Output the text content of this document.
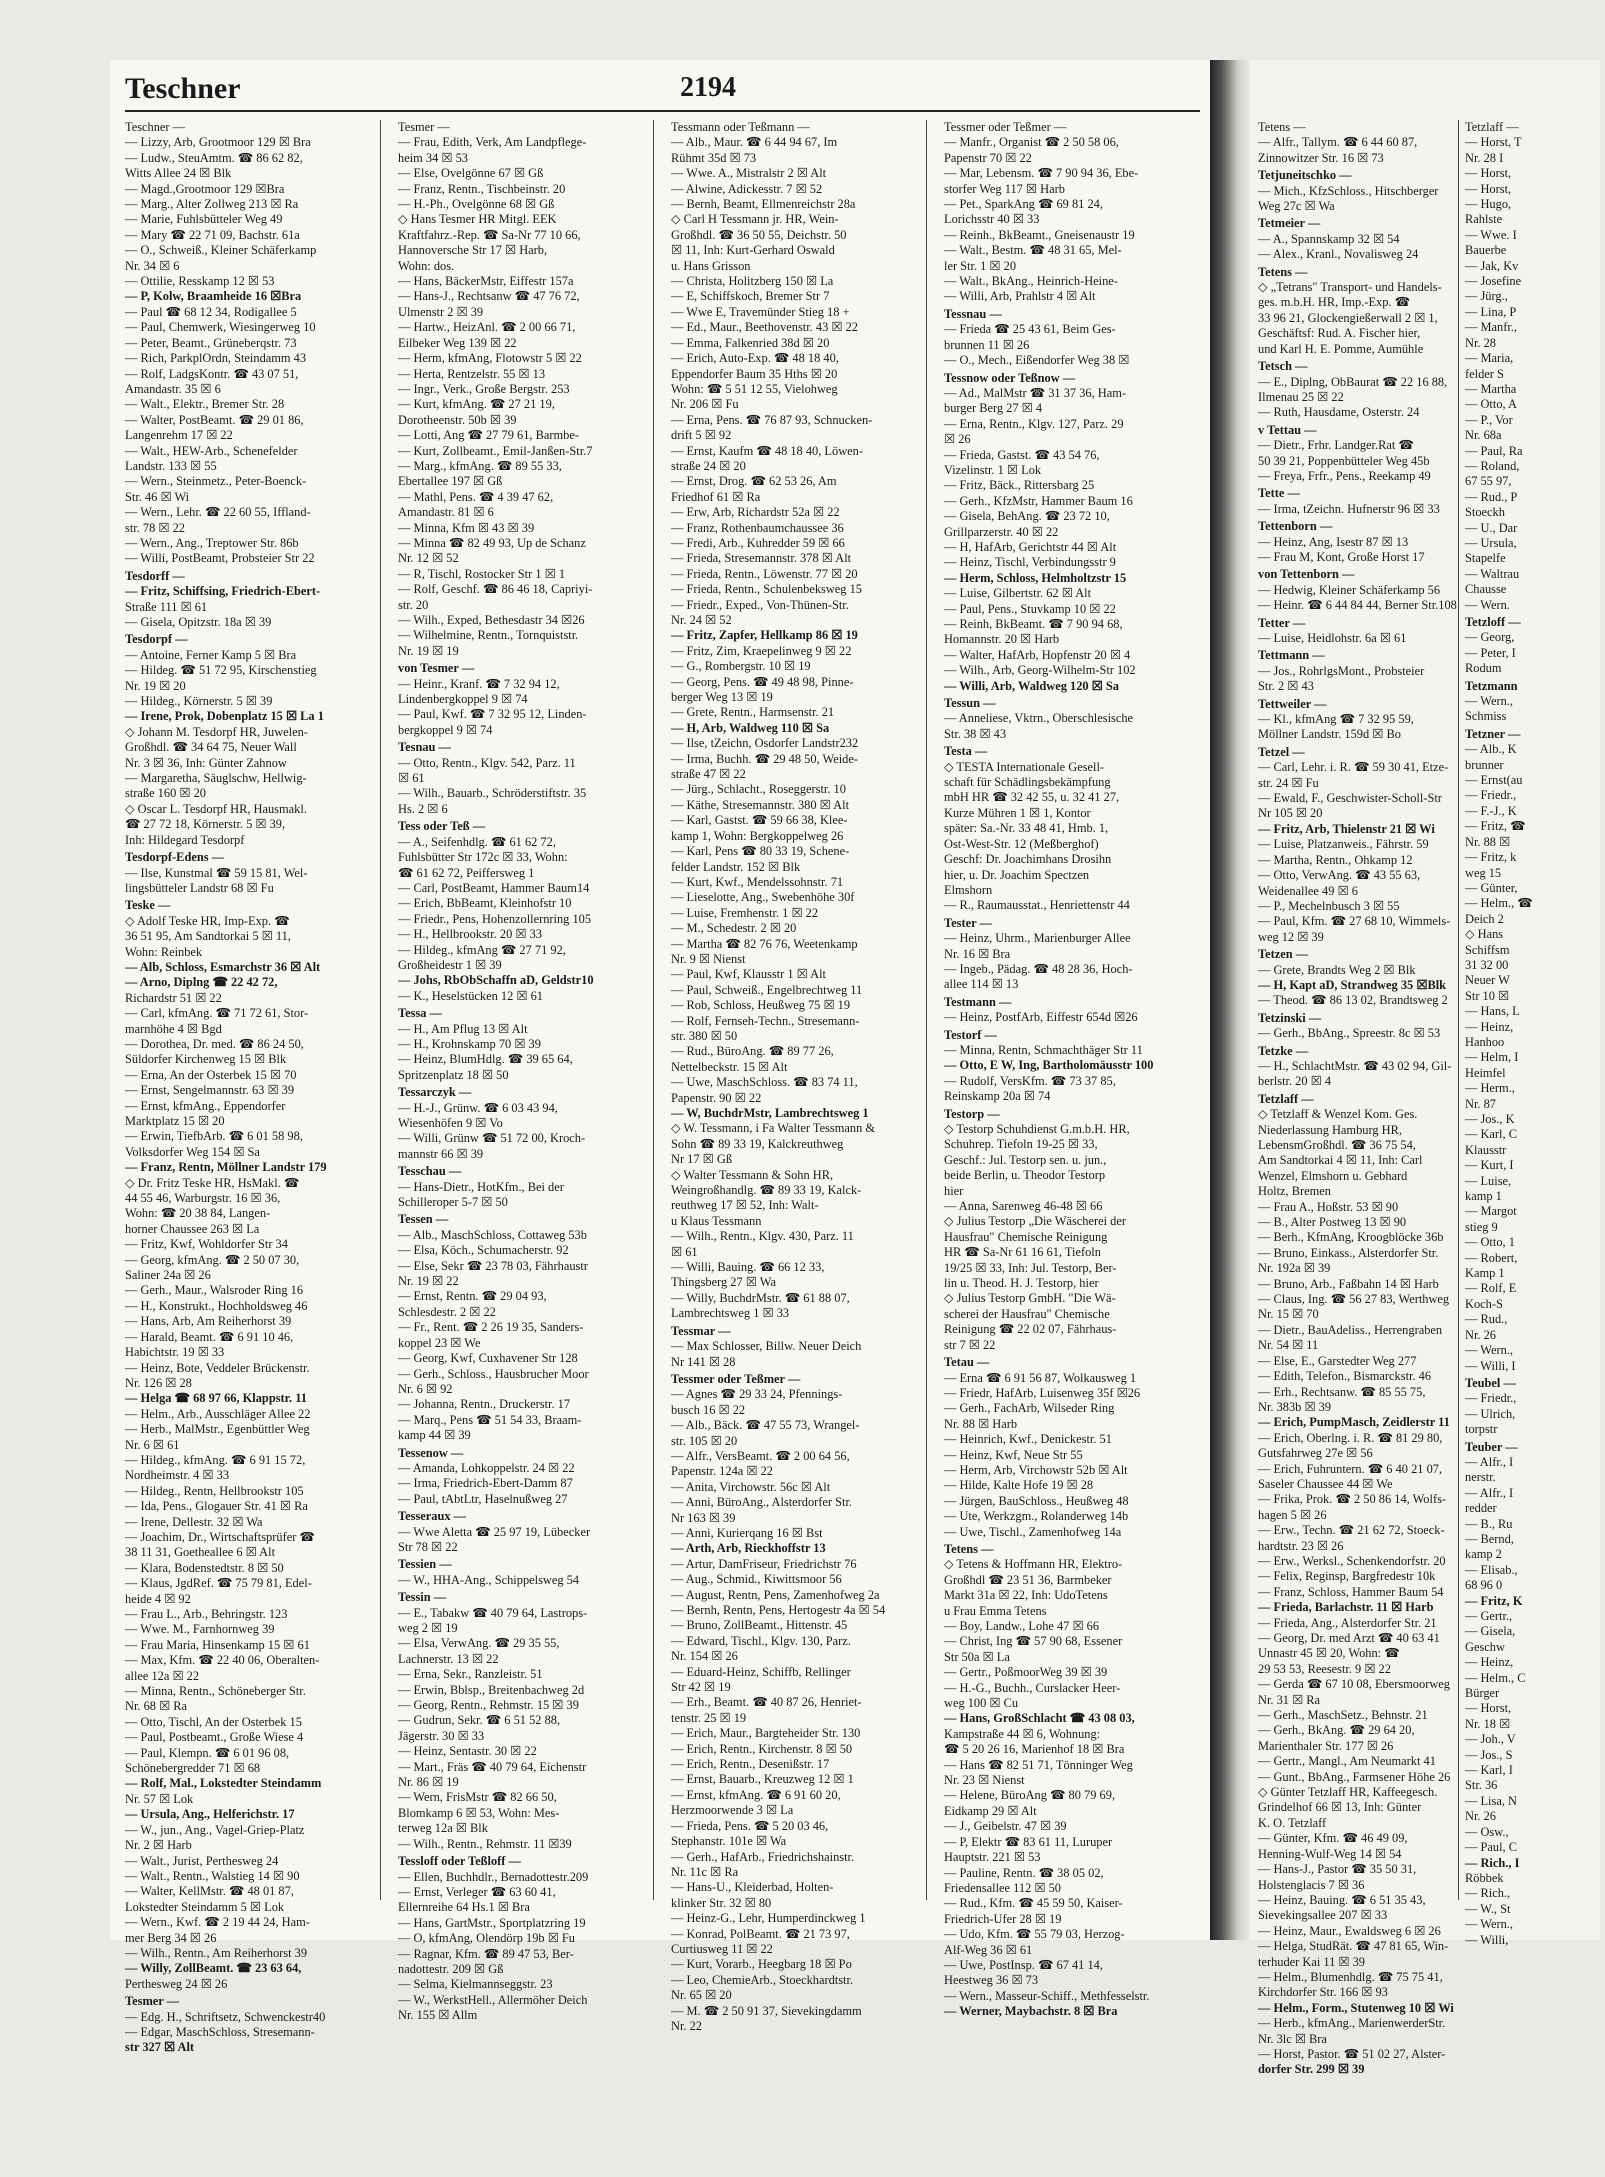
Teschner	2194
Teschner —
— Lizzy, Arb, Grootmoor 129 ☒ Bra
— Ludw., SteuAmtm. ☎ 86 62 82,
Witts Allee 24 ☒ Blk
— Magd.,Grootmoor 129 ☒Bra
— Marg., Alter Zollweg 213 ☒ Ra
— Marie, Fuhlsbütteler Weg 49
— Mary ☎ 22 71 09, Bachstr. 61a
— O., Schweiß., Kleiner Schäferkamp
Nr. 34 ☒ 6
— Ottilie, Resskamp 12 ☒ 53
— P, Kolw, Braamheide 16 ☒Bra
— Paul ☎ 68 12 34, Rodigallee 5
— Paul, Chemwerk, Wiesingerweg 10
— Peter, Beamt., Grüneberqstr. 73
— Rich, ParkplOrdn, Steindamm 43
— Rolf, LadgsKontr. ☎ 43 07 51,
Amandastr. 35 ☒ 6
— Walt., Elektr., Bremer Str. 28
— Walter, PostBeamt. ☎ 29 01 86,
Langenrehm 17 ☒ 22
— Walt., HEW-Arb., Schenefelder
Landstr. 133 ☒ 55
— Wern., Steinmetz., Peter-Boenck-
Str. 46 ☒ Wi
— Wern., Lehr. ☎ 22 60 55, Iffland-
str. 78 ☒ 22
— Wern., Ang., Treptower Str. 86b
— Willi, PostBeamt, Probsteier Str 22
Tesdorff —
— Fritz, Schiffsing, Friedrich-Ebert-
Straße 111 ☒ 61
— Gisela, Opitzstr. 18a ☒ 39
Tesdorpf —
— Antoine, Ferner Kamp 5 ☒ Bra
— Hildeg. ☎ 51 72 95, Kirschenstieg
Nr. 19 ☒ 20
— Hildeg., Körnerstr. 5 ☒ 39
— Irene, Prok, Dobenplatz 15 ☒ La 1
◇ Johann M. Tesdorpf HR, Juwelen-
Großhdl. ☎ 34 64 75, Neuer Wall
Nr. 3 ☒ 36, Inh: Günter Zahnow
— Margaretha, Säuglschw, Hellwig-
straße 160 ☒ 20
◇ Oscar L. Tesdorpf HR, Hausmakl.
☎ 27 72 18, Körnerstr. 5 ☒ 39,
Inh: Hildegard Tesdorpf
Tesdorpf-Edens —
— Ilse, Kunstmal ☎ 59 15 81, Wel-
lingsbütteler Landstr 68 ☒ Fu
Teske —
◇ Adolf Teske HR, Imp-Exp. ☎
36 51 95, Am Sandtorkai 5 ☒ 11,
Wohn: Reinbek
— Alb, Schloss, Esmarchstr 36 ☒ Alt
— Arno, Diplng ☎ 22 42 72,
Richardstr 51 ☒ 22
— Carl, kfmAng. ☎ 71 72 61, Stor-
marnhöhe 4 ☒ Bgd
— Dorothea, Dr. med. ☎ 86 24 50,
Süldorfer Kirchenweg 15 ☒ Blk
— Erna, An der Osterbek 15 ☒ 70
— Ernst, Sengelmannstr. 63 ☒ 39
— Ernst, kfmAng., Eppendorfer
Marktplatz 15 ☒ 20
— Erwin, TiefbArb. ☎ 6 01 58 98,
Volksdorfer Weg 154 ☒ Sa
— Franz, Rentn, Möllner Landstr 179
◇ Dr. Fritz Teske HR, HsMakl. ☎
44 55 46, Warburgstr. 16 ☒ 36,
Wohn: ☎ 20 38 84, Langen-
horner Chaussee 263 ☒ La
— Fritz, Kwf, Wohldorfer Str 34
— Georg, kfmAng. ☎ 2 50 07 30,
Saliner 24a ☒ 26
— Gerh., Maur., Walsroder Ring 16
— H., Konstrukt., Hochholdsweg 46
— Hans, Arb, Am Reiherhorst 39
— Harald, Beamt. ☎ 6 91 10 46,
Habichtstr. 19 ☒ 33
— Heinz, Bote, Veddeler Brückenstr.
Nr. 126 ☒ 28
— Helga ☎ 68 97 66, Klappstr. 11
— Helm., Arb., Ausschläger Allee 22
— Herb., MalMstr., Egenbüttler Weg
Nr. 6 ☒ 61
— Hildeg., kfmAng. ☎ 6 91 15 72,
Nordheimstr. 4 ☒ 33
— Hildeg., Rentn, Hellbrookstr 105
— Ida, Pens., Glogauer Str. 41 ☒ Ra
— Irene, Dellestr. 32 ☒ Wa
— Joachim, Dr., Wirtschaftsprüfer ☎
38 11 31, Goetheallee 6 ☒ Alt
— Klara, Bodenstedtstr. 8 ☒ 50
— Klaus, JgdRef. ☎ 75 79 81, Edel-
heide 4 ☒ 92
— Frau L., Arb., Behringstr. 123
— Wwe. M., Farnhornweg 39
— Frau Maria, Hinsenkamp 15 ☒ 61
— Max, Kfm. ☎ 22 40 06, Oberalten-
allee 12a ☒ 22
— Minna, Rentn., Schöneberger Str.
Nr. 68 ☒ Ra
— Otto, Tischl, An der Osterbek 15
— Paul, Postbeamt., Große Wiese 4
— Paul, Klempn. ☎ 6 01 96 08,
Schönebergredder 71 ☒ 68
— Rolf, Mal., Lokstedter Steindamm
Nr. 57 ☒ Lok
— Ursula, Ang., Helferichstr. 17
— W., jun., Ang., Vagel-Griep-Platz
Nr. 2 ☒ Harb
— Walt., Jurist, Perthesweg 24
— Walt., Rentn., Walstieg 14 ☒ 90
— Walter, KellMstr. ☎ 48 01 87,
Lokstedter Steindamm 5 ☒ Lok
— Wern., Kwf. ☎ 2 19 44 24, Ham-
mer Berg 34 ☒ 26
— Wilh., Rentn., Am Reiherhorst 39
— Willy, ZollBeamt. ☎ 23 63 64,
Perthesweg 24 ☒ 26
Tesmer —
— Edg. H., Schriftsetz, Schwenckestr40
— Edgar, MaschSchloss, Stresemann-
str 327 ☒ Alt
Tesmer —
— Frau, Edith, Verk, Am Landpflege-
heim 34 ☒ 53
— Else, Ovelgönne 67 ☒ Gß
— Franz, Rentn., Tischbeinstr. 20
— H.-Ph., Ovelgönne 68 ☒ Gß
◇ Hans Tesmer HR Mitgl. EEK
Kraftfahrz.-Rep. ☎ Sa-Nr 77 10 66,
Hannoversche Str 17 ☒ Harb,
Wohn: dos.
— Hans, BäckerMstr, Eiffestr 157a
— Hans-J., Rechtsanw ☎ 47 76 72,
Ulmenstr 2 ☒ 39
— Hartw., HeizAnl. ☎ 2 00 66 71,
Eilbeker Weg 139 ☒ 22
— Herm, kfmAng, Flotowstr 5 ☒ 22
— Herta, Rentzelstr. 55 ☒ 13
— Ingr., Verk., Große Bergstr. 253
— Kurt, kfmAng. ☎ 27 21 19,
Dorotheenstr. 50b ☒ 39
— Lotti, Ang ☎ 27 79 61, Barmbe-
— Kurt, Zollbeamt., Emil-Janßen-Str.7
— Marg., kfmAng. ☎ 89 55 33,
Ebertallee 197 ☒ Gß
— Mathl, Pens. ☎ 4 39 47 62,
Amandastr. 81 ☒ 6
— Minna, Kfm ☒ 43 ☒ 39
— Minna ☎ 82 49 93, Up de Schanz
Nr. 12 ☒ 52
— R, Tischl, Rostocker Str 1 ☒ 1
— Rolf, Geschf. ☎ 86 46 18, Capriyi-
str. 20
— Wilh., Exped, Bethesdastr 34 ☒26
— Wilhelmine, Rentn., Tornquiststr.
Nr. 19 ☒ 19
von Tesmer —
— Heinr., Kranf. ☎ 7 32 94 12,
Lindenbergkoppel 9 ☒ 74
— Paul, Kwf. ☎ 7 32 95 12, Linden-
bergkoppel 9 ☒ 74
Tesnau —
— Otto, Rentn., Klgv. 542, Parz. 11
☒ 61
— Wilh., Bauarb., Schröderstiftstr. 35
Hs. 2 ☒ 6
Tess oder Teß —
— A., Seifenhdlg. ☎ 61 62 72,
Fuhlsbütter Str 172c ☒ 33, Wohn:
☎ 61 62 72, Peiffersweg 1
— Carl, PostBeamt, Hammer Baum14
— Erich, BbBeamt, Kleinhofstr 10
— Friedr., Pens, Hohenzollernring 105
— H., Hellbrookstr. 20 ☒ 33
— Hildeg., kfmAng ☎ 27 71 92,
Großheidestr 1 ☒ 39
— Johs, RbObSchaffn aD, Geldstr10
— K., Heselstücken 12 ☒ 61
Tessa —
— H., Am Pflug 13 ☒ Alt
— H., Krohnskamp 70 ☒ 39
— Heinz, BlumHdlg. ☎ 39 65 64,
Spritzenplatz 18 ☒ 50
Tessarczyk —
— H.-J., Grünw. ☎ 6 03 43 94,
Wiesenhöfen 9 ☒ Vo
— Willi, Grünw ☎ 51 72 00, Kroch-
mannstr 66 ☒ 39
Tesschau —
— Hans-Dietr., HotKfm., Bei der
Schilleroper 5-7 ☒ 50
Tessen —
— Alb., MaschSchloss, Cottaweg 53b
— Elsa, Köch., Schumacherstr. 92
— Else, Sekr ☎ 23 78 03, Fährhaustr
Nr. 19 ☒ 22
— Ernst, Rentn. ☎ 29 04 93,
Schlesdestr. 2 ☒ 22
— Fr., Rent. ☎ 2 26 19 35, Sanders-
koppel 23 ☒ We
— Georg, Kwf, Cuxhavener Str 128
— Gerh., Schloss., Hausbrucher Moor
Nr. 6 ☒ 92
— Johanna, Rentn., Druckerstr. 17
— Marq., Pens ☎ 51 54 33, Braam-
kamp 44 ☒ 39
Tessenow —
— Amanda, Lohkoppelstr. 24 ☒ 22
— Irma, Friedrich-Ebert-Damm 87
— Paul, tAbtLtr, Haselnußweg 27
Tesseraux —
— Wwe Aletta ☎ 25 97 19, Lübecker
Str 78 ☒ 22
Tessien —
— W., HHA-Ang., Schippelsweg 54
Tessin —
— E., Tabakw ☎ 40 79 64, Lastrops-
weg 2 ☒ 19
— Elsa, VerwAng. ☎ 29 35 55,
Lachnerstr. 13 ☒ 22
— Erna, Sekr., Ranzleistr. 51
— Erwin, Bblsp., Breitenbachweg 2d
— Georg, Rentn., Rehmstr. 15 ☒ 39
— Gudrun, Sekr. ☎ 6 51 52 88,
Jägerstr. 30 ☒ 33
— Heinz, Sentastr. 30 ☒ 22
— Mart., Fräs ☎ 40 79 64, Eichenstr
Nr. 86 ☒ 19
— Wern, FrisMstr ☎ 82 66 50,
Blomkamp 6 ☒ 53, Wohn: Mes-
terweg 12a ☒ Blk
— Wilh., Rentn., Rehmstr. 11 ☒39
Tessloff oder Teßloff —
— Ellen, Buchhdlr., Bernadottestr.209
— Ernst, Verleger ☎ 63 60 41,
Ellernreihe 64 Hs.1 ☒ Bra
— Hans, GartMstr., Sportplatzring 19
— O, kfmAng, Olendörp 19b ☒ Fu
— Ragnar, Kfm. ☎ 89 47 53, Ber-
nadottestr. 209 ☒ Gß
— Selma, Kielmannseggstr. 23
— W., WerkstHell., Allermöher Deich
Nr. 155 ☒ Allm
Tessmann oder Teßmann —
— Alb., Maur. ☎ 6 44 94 67, Im
Rühmt 35d ☒ 73
— Wwe. A., Mistralstr 2 ☒ Alt
— Alwine, Adickesstr. 7 ☒ 52
— Bernh, Beamt, Ellmenreichstr 28a
◇ Carl H Tessmann jr. HR, Wein-
Großhdl. ☎ 36 50 55, Deichstr. 50
☒ 11, Inh: Kurt-Gerhard Oswald
u. Hans Grisson
— Christa, Holitzberg 150 ☒ La
— E, Schiffskoch, Bremer Str 7
— Wwe E, Travemünder Stieg 18 +
— Ed., Maur., Beethovenstr. 43 ☒ 22
— Emma, Falkenried 38d ☒ 20
— Erich, Auto-Exp. ☎ 48 18 40,
Eppendorfer Baum 35 Hths ☒ 20
Wohn: ☎ 5 51 12 55, Vielohweg
Nr. 206 ☒ Fu
— Erna, Pens. ☎ 76 87 93, Schnucken-
drift 5 ☒ 92
— Ernst, Kaufm ☎ 48 18 40, Löwen-
straße 24 ☒ 20
— Ernst, Drog. ☎ 62 53 26, Am
Friedhof 61 ☒ Ra
— Erw, Arb, Richardstr 52a ☒ 22
— Franz, Rothenbaumchaussee 36
— Fredi, Arb., Kuhredder 59 ☒ 66
— Frieda, Stresemannstr. 378 ☒ Alt
— Frieda, Rentn., Löwenstr. 77 ☒ 20
— Frieda, Rentn., Schulenbeksweg 15
— Friedr., Exped., Von-Thünen-Str.
Nr. 24 ☒ 52
— Fritz, Zapfer, Hellkamp 86 ☒ 19
— Fritz, Zim, Kraepelinweg 9 ☒ 22
— G., Rombergstr. 10 ☒ 19
— Georg, Pens. ☎ 49 48 98, Pinne-
berger Weg 13 ☒ 19
— Grete, Rentn., Harmsenstr. 21
— H, Arb, Waldweg 110 ☒ Sa
— Ilse, tZeichn, Osdorfer Landstr232
— Irma, Buchh. ☎ 29 48 50, Weide-
straße 47 ☒ 22
— Jürg., Schlacht., Roseggerstr. 10
— Käthe, Stresemannstr. 380 ☒ Alt
— Karl, Gastst. ☎ 59 66 38, Klee-
kamp 1, Wohn: Bergkoppelweg 26
— Karl, Pens ☎ 80 33 19, Schene-
felder Landstr. 152 ☒ Blk
— Kurt, Kwf., Mendelssohnstr. 71
— Lieselotte, Ang., Swebenhöhe 30f
— Luise, Fremhenstr. 1 ☒ 22
— M., Schedestr. 2 ☒ 20
— Martha ☎ 82 76 76, Weetenkamp
Nr. 9 ☒ Nienst
— Paul, Kwf, Klausstr 1 ☒ Alt
— Paul, Schweiß., Engelbrechtweg 11
— Rob, Schloss, Heußweg 75 ☒ 19
— Rolf, Fernseh-Techn., Stresemann-
str. 380 ☒ 50
— Rud., BüroAng. ☎ 89 77 26,
Nettelbeckstr. 15 ☒ Alt
— Uwe, MaschSchloss. ☎ 83 74 11,
Papenstr. 90 ☒ 22
— W, BuchdrMstr, Lambrechtsweg 1
◇ W. Tessmann, i Fa Walter Tessmann &
Sohn ☎ 89 33 19, Kalckreuthweg
Nr 17 ☒ Gß
◇ Walter Tessmann & Sohn HR,
Weingroßhandlg. ☎ 89 33 19, Kalck-
reuthweg 17 ☒ 52, Inh: Walt-
u Klaus Tessmann
— Wilh., Rentn., Klgv. 430, Parz. 11
☒ 61
— Willi, Bauing. ☎ 66 12 33,
Thingsberg 27 ☒ Wa
— Willy, BuchdrMstr. ☎ 61 88 07,
Lambrechtsweg 1 ☒ 33
Tessmar —
— Max Schlosser, Billw. Neuer Deich
Nr 141 ☒ 28
Tessmer oder Teßmer —
— Agnes ☎ 29 33 24, Pfennings-
busch 16 ☒ 22
— Alb., Bäck. ☎ 47 55 73, Wrangel-
str. 105 ☒ 20
— Alfr., VersBeamt. ☎ 2 00 64 56,
Papenstr. 124a ☒ 22
— Anita, Virchowstr. 56c ☒ Alt
— Anni, BüroAng., Alsterdorfer Str.
Nr 163 ☒ 39
— Anni, Kurierqang 16 ☒ Bst
— Arth, Arb, Rieckhoffstr 13
— Artur, DamFriseur, Friedrichstr 76
— Aug., Schmid., Kiwittsmoor 56
— August, Rentn, Pens, Zamenhofweg 2a
— Bernh, Rentn, Pens, Hertogestr 4a ☒ 54
— Bruno, ZollBeamt., Hittenstr. 45
— Edward, Tischl., Klgv. 130, Parz.
Nr. 154 ☒ 26
— Eduard-Heinz, Schiffb, Rellinger
Str 42 ☒ 19
— Erh., Beamt. ☎ 40 87 26, Henriet-
tenstr. 25 ☒ 19
— Erich, Maur., Bargteheider Str. 130
— Erich, Rentn., Kirchenstr. 8 ☒ 50
— Erich, Rentn., Desenißstr. 17
— Ernst, Bauarb., Kreuzweg 12 ☒ 1
— Ernst, kfmAng. ☎ 6 91 60 20,
Herzmoorwende 3 ☒ La
— Frieda, Pens. ☎ 5 20 03 46,
Stephanstr. 101e ☒ Wa
— Gerh., HafArb., Friedrichshainstr.
Nr. 11c ☒ Ra
— Hans-U., Kleiderbad, Holten-
klinker Str. 32 ☒ 80
— Heinz-G., Lehr, Humperdinckweg 1
— Konrad, PolBeamt. ☎ 21 73 97,
Curtiusweg 11 ☒ 22
— Kurt, Vorarb., Heegbarg 18 ☒ Po
— Leo, ChemieArb., Stoeckhardtstr.
Nr. 65 ☒ 20
— M. ☎ 2 50 91 37, Sievekingdamm
Nr. 22
Tessmer oder Teßmer —
— Manfr., Organist ☎ 2 50 58 06,
Papenstr 70 ☒ 22
— Mar, Lebensm. ☎ 7 90 94 36, Ebe-
storfer Weg 117 ☒ Harb
— Pet., SparkAng ☎ 69 81 24,
Lorichsstr 40 ☒ 33
— Reinh., BkBeamt., Gneisenaustr 19
— Walt., Bestm. ☎ 48 31 65, Mel-
ler Str. 1 ☒ 20
— Walt., BkAng., Heinrich-Heine-
— Willi, Arb, Prahlstr 4 ☒ Alt
Tessnau —
— Frieda ☎ 25 43 61, Beim Ges-
brunnen 11 ☒ 26
— O., Mech., Eißendorfer Weg 38 ☒
Tessnow oder Teßnow —
— Ad., MalMstr ☎ 31 37 36, Ham-
burger Berg 27 ☒ 4
— Erna, Rentn., Klgv. 127, Parz. 29
☒ 26
— Frieda, Gastst. ☎ 43 54 76,
Vizelinstr. 1 ☒ Lok
— Fritz, Bäck., Rittersbarg 25
— Gerh., KfzMstr, Hammer Baum 16
— Gisela, BehAng. ☎ 23 72 10,
Grillparzerstr. 40 ☒ 22
— H, HafArb, Gerichtstr 44 ☒ Alt
— Heinz, Tischl, Verbindungsstr 9
— Herm, Schloss, Helmholtzstr 15
— Luise, Gilbertstr. 62 ☒ Alt
— Paul, Pens., Stuvkamp 10 ☒ 22
— Reinh, BkBeamt. ☎ 7 90 94 68,
Homannstr. 20 ☒ Harb
— Walter, HafArb, Hopfenstr 20 ☒ 4
— Wilh., Arb, Georg-Wilhelm-Str 102
— Willi, Arb, Waldweg 120 ☒ Sa
Tessun —
— Anneliese, Vktrn., Oberschlesische
Str. 38 ☒ 43
Testa —
◇ TESTA Internationale Gesell-
schaft für Schädlingsbekämpfung
mbH HR ☎ 32 42 55, u. 32 41 27,
Kurze Mühren 1 ☒ 1, Kontor
später: Sa.-Nr. 33 48 41, Hmb. 1,
Ost-West-Str. 12 (Meßberghof)
Geschf: Dr. Joachimhans Drosihn
hier, u. Dr. Joachim Spectzen
Elmshorn
— R., Raumausstat., Henriettenstr 44
Tester —
— Heinz, Uhrm., Marienburger Allee
Nr. 16 ☒ Bra
— Ingeb., Pädag. ☎ 48 28 36, Hoch-
allee 114 ☒ 13
Testmann —
— Heinz, PostfArb, Eiffestr 654d ☒26
Testorf —
— Minna, Rentn, Schmachthäger Str 11
— Otto, E W, Ing, Bartholomäusstr 100
— Rudolf, VersKfm. ☎ 73 37 85,
Reinskamp 20a ☒ 74
Testorp —
◇ Testorp Schuhdienst G.m.b.H. HR,
Schuhrep. Tiefoln 19-25 ☒ 33,
Geschf.: Jul. Testorp sen. u. jun.,
beide Berlin, u. Theodor Testorp
hier
— Anna, Sarenweg 46-48 ☒ 66
◇ Julius Testorp „Die Wäscherei der
Hausfrau" Chemische Reinigung
HR ☎ Sa-Nr 61 16 61, Tiefoln
19/25 ☒ 33, Inh: Jul. Testorp, Ber-
lin u. Theod. H. J. Testorp, hier
◇ Julius Testorp GmbH. "Die Wä-
scherei der Hausfrau" Chemische
Reinigung ☎ 22 02 07, Fährhaus-
str 7 ☒ 22
Tetau —
— Erna ☎ 6 91 56 87, Wolkausweg 1
— Friedr, HafArb, Luisenweg 35f ☒26
— Gerh., FachArb, Wilseder Ring
Nr. 88 ☒ Harb
— Heinrich, Kwf., Denickestr. 51
— Heinz, Kwf, Neue Str 55
— Herm, Arb, Virchowstr 52b ☒ Alt
— Hilde, Kalte Hofe 19 ☒ 28
— Jürgen, BauSchloss., Heußweg 48
— Ute, Werkzgm., Rolanderweg 14b
— Uwe, Tischl., Zamenhofweg 14a
Tetens —
◇ Tetens & Hoffmann HR, Elektro-
Großhdl ☎ 23 51 36, Barmbeker
Markt 31a ☒ 22, Inh: UdoTetens
u Frau Emma Tetens
— Boy, Landw., Lohe 47 ☒ 66
— Christ, Ing ☎ 57 90 68, Essener
Str 50a ☒ La
— Gertr., PoßmoorWeg 39 ☒ 39
— H.-G., Buchh., Curslacker Heer-
weg 100 ☒ Cu
— Hans, GroßSchlacht ☎ 43 08 03,
Kampstraße 44 ☒ 6, Wohnung:
☎ 5 20 26 16, Marienhof 18 ☒ Bra
— Hans ☎ 82 51 71, Tönninger Weg
Nr. 23 ☒ Nienst
— Helene, BüroAng ☎ 80 79 69,
Eidkamp 29 ☒ Alt
— J., Geibelstr. 47 ☒ 39
— P, Elektr ☎ 83 61 11, Luruper
Hauptstr. 221 ☒ 53
— Pauline, Rentn. ☎ 38 05 02,
Friedensallee 112 ☒ 50
— Rud., Kfm. ☎ 45 59 50, Kaiser-
Friedrich-Ufer 28 ☒ 19
— Udo, Kfm. ☎ 55 79 03, Herzog-
Alf-Weg 36 ☒ 61
— Uwe, PostInsp. ☎ 67 41 14,
Heestweg 36 ☒ 73
— Wern., Masseur-Schiff., Methfesselstr.
— Werner, Maybachstr. 8 ☒ Bra
Tetens —
— Alfr., Tallym. ☎ 6 44 60 87,
Zinnowitzer Str. 16 ☒ 73
Tetjuneitschko —
— Mich., KfzSchloss., Hitschberger
Weg 27c ☒ Wa
Tetmeier —
— A., Spannskamp 32 ☒ 54
— Alex., Kranl., Novalisweg 24
Tetens —
◇ „Tetrans" Transport- und Handels-
ges. m.b.H. HR, Imp.-Exp. ☎
33 96 21, Glockengießerwall 2 ☒ 1,
Geschäftsf: Rud. A. Fischer hier,
und Karl H. E. Pomme, Aumühle
Tetsch —
— E., Diplng, ObBaurat ☎ 22 16 88,
Ilmenau 25 ☒ 22
— Ruth, Hausdame, Osterstr. 24
v Tettau —
— Dietr., Frhr. Landger.Rat ☎
50 39 21, Poppenbütteler Weg 45b
— Freya, Frfr., Pens., Reekamp 49
Tette —
— Irma, tZeichn. Hufnerstr 96 ☒ 33
Tettenborn —
— Heinz, Ang, Isestr 87 ☒ 13
— Frau M, Kont, Große Horst 17
von Tettenborn —
— Hedwig, Kleiner Schäferkamp 56
— Heinr. ☎ 6 44 84 44, Berner Str.108
Tetter —
— Luise, Heidlohstr. 6a ☒ 61
Tettmann —
— Jos., RohrlgsMont., Probsteier
Str. 2 ☒ 43
Tettweiler —
— Kl., kfmAng ☎ 7 32 95 59,
Möllner Landstr. 159d ☒ Bo
Tetzel —
— Carl, Lehr. i. R. ☎ 59 30 41, Etze-
str. 24 ☒ Fu
— Ewald, F., Geschwister-Scholl-Str
Nr 105 ☒ 20
— Fritz, Arb, Thielenstr 21 ☒ Wi
— Luise, Platzanweis., Fährstr. 59
— Martha, Rentn., Ohkamp 12
— Otto, VerwAng. ☎ 43 55 63,
Weidenallee 49 ☒ 6
— P., Mechelnbusch 3 ☒ 55
— Paul, Kfm. ☎ 27 68 10, Wimmels-
weg 12 ☒ 39
Tetzen —
— Grete, Brandts Weg 2 ☒ Blk
— H, Kapt aD, Strandweg 35 ☒Blk
— Theod. ☎ 86 13 02, Brandtsweg 2
Tetzinski —
— Gerh., BbAng., Spreestr. 8c ☒ 53
Tetzke —
— H., SchlachtMstr. ☎ 43 02 94, Gil-
berlstr. 20 ☒ 4
Tetzlaff —
◇ Tetzlaff & Wenzel Kom. Ges.
Niederlassung Hamburg HR,
LebensmGroßhdl. ☎ 36 75 54,
Am Sandtorkai 4 ☒ 11, Inh: Carl
Wenzel, Elmshorn u. Gebhard
Holtz, Bremen
— Frau A., Hoßstr. 53 ☒ 90
— B., Alter Postweg 13 ☒ 90
— Berh., KfmAng, Kroogblöcke 36b
— Bruno, Einkass., Alsterdorfer Str.
Nr. 192a ☒ 39
— Bruno, Arb., Faßbahn 14 ☒ Harb
— Claus, Ing. ☎ 56 27 83, Werthweg
Nr. 15 ☒ 70
— Dietr., BauAdeliss., Herrengraben
Nr. 54 ☒ 11
— Else, E., Garstedter Weg 277
— Edith, Telefon., Bismarckstr. 46
— Erh., Rechtsanw. ☎ 85 55 75,
Nr. 383b ☒ 39
— Erich, PumpMasch, Zeidlerstr 11
— Erich, Oberlng. i. R. ☎ 81 29 80,
Gutsfahrweg 27e ☒ 56
— Erich, Fuhruntern. ☎ 6 40 21 07,
Saseler Chaussee 44 ☒ We
— Frika, Prok. ☎ 2 50 86 14, Wolfs-
hagen 5 ☒ 26
— Erw., Techn. ☎ 21 62 72, Stoeck-
hardtstr. 23 ☒ 26
— Erw., Werksl., Schenkendorfstr. 20
— Felix, Reginsp, Bargfredestr 10k
— Franz, Schloss, Hammer Baum 54
— Frieda, Barlachstr. 11 ☒ Harb
— Frieda, Ang., Alsterdorfer Str. 21
— Georg, Dr. med Arzt ☎ 40 63 41
Unnastr 45 ☒ 20, Wohn: ☎
29 53 53, Reesestr. 9 ☒ 22
— Gerda ☎ 67 10 08, Ebersmoorweg
Nr. 31 ☒ Ra
— Gerh., MaschSetz., Behnstr. 21
— Gerh., BkAng. ☎ 29 64 20,
Marienthaler Str. 177 ☒ 26
— Gertr., Mangl., Am Neumarkt 41
— Gunt., BbAng., Farmsener Höhe 26
◇ Günter Tetzlaff HR, Kaffeegesch.
Grindelhof 66 ☒ 13, Inh: Günter
K. O. Tetzlaff
— Günter, Kfm. ☎ 46 49 09,
Henning-Wulf-Weg 14 ☒ 54
— Hans-J., Pastor ☎ 35 50 31,
Holstenglacis 7 ☒ 36
— Heinz, Bauing. ☎ 6 51 35 43,
Sievekingsallee 207 ☒ 33
— Heinz, Maur., Ewaldsweg 6 ☒ 26
— Helga, StudRät. ☎ 47 81 65, Win-
terhuder Kai 11 ☒ 39
— Helm., Blumenhdlg. ☎ 75 75 41,
Kirchdorfer Str. 166 ☒ 93
— Helm., Form., Stutenweg 10 ☒ Wi
— Herb., kfmAng., MarienwerderStr.
Nr. 3lc ☒ Bra
— Horst, Pastor. ☎ 51 02 27, Alster-
dorfer Str. 299 ☒ 39
Tetzlaff —
— Horst, T
Nr. 28 I
— Horst,
— Horst,
— Hugo,
Rahlste
— Wwe. I
Bauerbe
— Jak, Kv
— Josefine
— Jürg.,
— Lina, P
— Manfr.,
Nr. 28
— Maria,
felder S
— Martha
— Otto, A
— P., Vor
Nr. 68a
— Paul, Ra
— Roland,
67 55 97,
— Rud., P
Stoeckh
— U., Dar
— Ursula,
Stapelfe
— Waltrau
Chausse
— Wern.
Tetzloff —
— Georg,
— Peter, I
Rodum
Tetzmann
— Wern.,
Schmiss
Tetzner —
— Alb., K
brunner
— Ernst(au
— Friedr.,
— F.-J., K
— Fritz, ☎
Nr. 88 ☒
— Fritz, k
weg 15
— Günter,
— Helm., ☎
Deich 2
◇ Hans
Schiffsm
31 32 00
Neuer W
Str 10 ☒
— Hans, L
— Heinz,
Hanhoo
— Helm, I
Heimfel
— Herm.,
Nr. 87
— Jos., K
— Karl, C
Klausstr
— Kurt, I
— Luise,
kamp 1
— Margot
stieg 9
— Otto, 1
— Robert,
Kamp 1
— Rolf, E
Koch-S
— Rud.,
Nr. 26
— Wern.,
— Willi, I
Teubel —
— Friedr.,
— Ulrich,
torpstr
Teuber —
— Alfr., I
nerstr.
— Alfr., I
redder
— B., Ru
— Bernd,
kamp 2
— Elisab.,
68 96 0
— Fritz, K
— Gertr.,
— Gisela,
Geschw
— Heinz,
— Helm., C
Bürger
— Horst,
Nr. 18 ☒
— Joh., V
— Jos., S
— Karl, I
Str. 36
— Lisa, N
Nr. 26
— Osw.,
— Paul, C
— Rich., I
Röbbek
— Rich.,
— W., St
— Wern.,
— Willi,
